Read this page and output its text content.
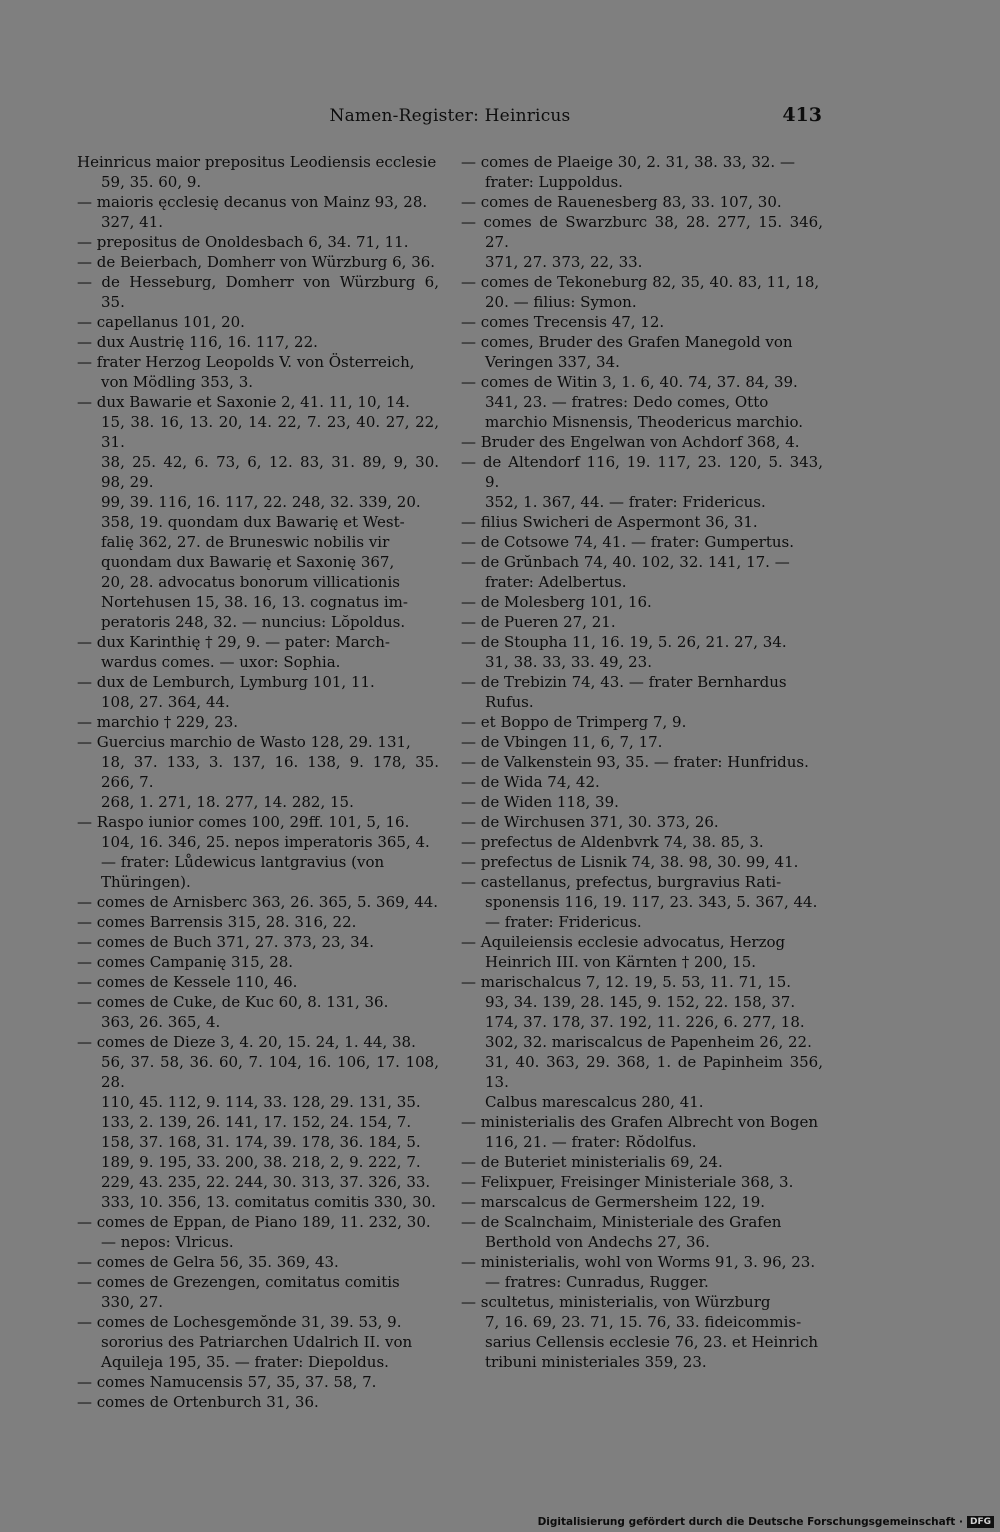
Namen-Register: Heinricus	413
Heinricus maior prepositus Leodiensis ecclesie
59, 35. 60, 9.
— maioris ęcclesię decanus von Mainz 93, 28.
327, 41.
— prepositus de Onoldesbach 6, 34. 71, 11.
— de Beierbach, Domherr von Würzburg 6, 36.
— de Hesseburg, Domherr von Würzburg 6, 35.
— capellanus 101, 20.
— dux Austrię 116, 16. 117, 22.
— frater Herzog Leopolds V. von Österreich,
von Mödling 353, 3.
— dux Bawarie et Saxonie 2, 41. 11, 10, 14.
15, 38. 16, 13. 20, 14. 22, 7. 23, 40. 27, 22, 31.
38, 25. 42, 6. 73, 6, 12. 83, 31. 89, 9, 30. 98, 29.
99, 39. 116, 16. 117, 22. 248, 32. 339, 20.
358, 19. quondam dux Bawarię et West-
falię 362, 27. de Bruneswic nobilis vir
quondam dux Bawarię et Saxonię 367,
20, 28. advocatus bonorum villicationis
Nortehusen 15, 38. 16, 13. cognatus im-
peratoris 248, 32. — nuncius: Lŏpoldus.
— dux Karinthię † 29, 9. — pater: March-
wardus comes. — uxor: Sophia.
— dux de Lemburch, Lymburg 101, 11.
108, 27. 364, 44.
— marchio † 229, 23.
— Guercius marchio de Wasto 128, 29. 131,
18, 37. 133, 3. 137, 16. 138, 9. 178, 35. 266, 7.
268, 1. 271, 18. 277, 14. 282, 15.
— Raspo iunior comes 100, 29ff. 101, 5, 16.
104, 16. 346, 25. nepos imperatoris 365, 4.
— frater: Lůdewicus lantgravius (von
Thüringen).
— comes de Arnisberc 363, 26. 365, 5. 369, 44.
— comes Barrensis 315, 28. 316, 22.
— comes de Buch 371, 27. 373, 23, 34.
— comes Campanię 315, 28.
— comes de Kessele 110, 46.
— comes de Cuke, de Kuc 60, 8. 131, 36.
363, 26. 365, 4.
— comes de Dieze 3, 4. 20, 15. 24, 1. 44, 38.
56, 37. 58, 36. 60, 7. 104, 16. 106, 17. 108, 28.
110, 45. 112, 9. 114, 33. 128, 29. 131, 35.
133, 2. 139, 26. 141, 17. 152, 24. 154, 7.
158, 37. 168, 31. 174, 39. 178, 36. 184, 5.
189, 9. 195, 33. 200, 38. 218, 2, 9. 222, 7.
229, 43. 235, 22. 244, 30. 313, 37. 326, 33.
333, 10. 356, 13. comitatus comitis 330, 30.
— comes de Eppan, de Piano 189, 11. 232, 30.
— nepos: Vlricus.
— comes de Gelra 56, 35. 369, 43.
— comes de Grezengen, comitatus comitis
330, 27.
— comes de Lochesgemŏnde 31, 39. 53, 9.
sororius des Patriarchen Udalrich II. von
Aquileja 195, 35. — frater: Diepoldus.
— comes Namucensis 57, 35, 37. 58, 7.
— comes de Ortenburch 31, 36.
— comes de Plaeige 30, 2. 31, 38. 33, 32. —
frater: Luppoldus.
— comes de Rauenesberg 83, 33. 107, 30.
— comes de Swarzburc 38, 28. 277, 15. 346, 27.
371, 27. 373, 22, 33.
— comes de Tekoneburg 82, 35, 40. 83, 11, 18,
20. — filius: Symon.
— comes Trecensis 47, 12.
— comes, Bruder des Grafen Manegold von
Veringen 337, 34.
— comes de Witin 3, 1. 6, 40. 74, 37. 84, 39.
341, 23. — fratres: Dedo comes, Otto
marchio Misnensis, Theodericus marchio.
— Bruder des Engelwan von Achdorf 368, 4.
— de Altendorf 116, 19. 117, 23. 120, 5. 343, 9.
352, 1. 367, 44. — frater: Fridericus.
— filius Swicheri de Aspermont 36, 31.
— de Cotsowe 74, 41. — frater: Gumpertus.
— de Grŭnbach 74, 40. 102, 32. 141, 17. —
frater: Adelbertus.
— de Molesberg 101, 16.
— de Pueren 27, 21.
— de Stoupha 11, 16. 19, 5. 26, 21. 27, 34.
31, 38. 33, 33. 49, 23.
— de Trebizin 74, 43. — frater Bernhardus
Rufus.
— et Boppo de Trimperg 7, 9.
— de Vbingen 11, 6, 7, 17.
— de Valkenstein 93, 35. — frater: Hunfridus.
— de Wida 74, 42.
— de Widen 118, 39.
— de Wirchusen 371, 30. 373, 26.
— prefectus de Aldenbvrk 74, 38. 85, 3.
— prefectus de Lisnik 74, 38. 98, 30. 99, 41.
— castellanus, prefectus, burgravius Rati-
sponensis 116, 19. 117, 23. 343, 5. 367, 44.
— frater: Fridericus.
— Aquileiensis ecclesie advocatus, Herzog
Heinrich III. von Kärnten † 200, 15.
— marischalcus 7, 12. 19, 5. 53, 11. 71, 15.
93, 34. 139, 28. 145, 9. 152, 22. 158, 37.
174, 37. 178, 37. 192, 11. 226, 6. 277, 18.
302, 32. mariscalcus de Papenheim 26, 22.
31, 40. 363, 29. 368, 1. de Papinheim 356, 13.
Calbus marescalcus 280, 41.
— ministerialis des Grafen Albrecht von Bogen
116, 21. — frater: Rŏdolfus.
— de Buteriet ministerialis 69, 24.
— Felixpuer, Freisinger Ministeriale 368, 3.
— marscalcus de Germersheim 122, 19.
— de Scalnchaim, Ministeriale des Grafen
Berthold von Andechs 27, 36.
— ministerialis, wohl von Worms 91, 3. 96, 23.
— fratres: Cunradus, Rugger.
— scultetus, ministerialis, von Würzburg
7, 16. 69, 23. 71, 15. 76, 33. fideicommis-
sarius Cellensis ecclesie 76, 23. et Heinrich
tribuni ministeriales 359, 23.
Digitalisierung gefördert durch die Deutsche Forschungsgemeinschaft · DFG
